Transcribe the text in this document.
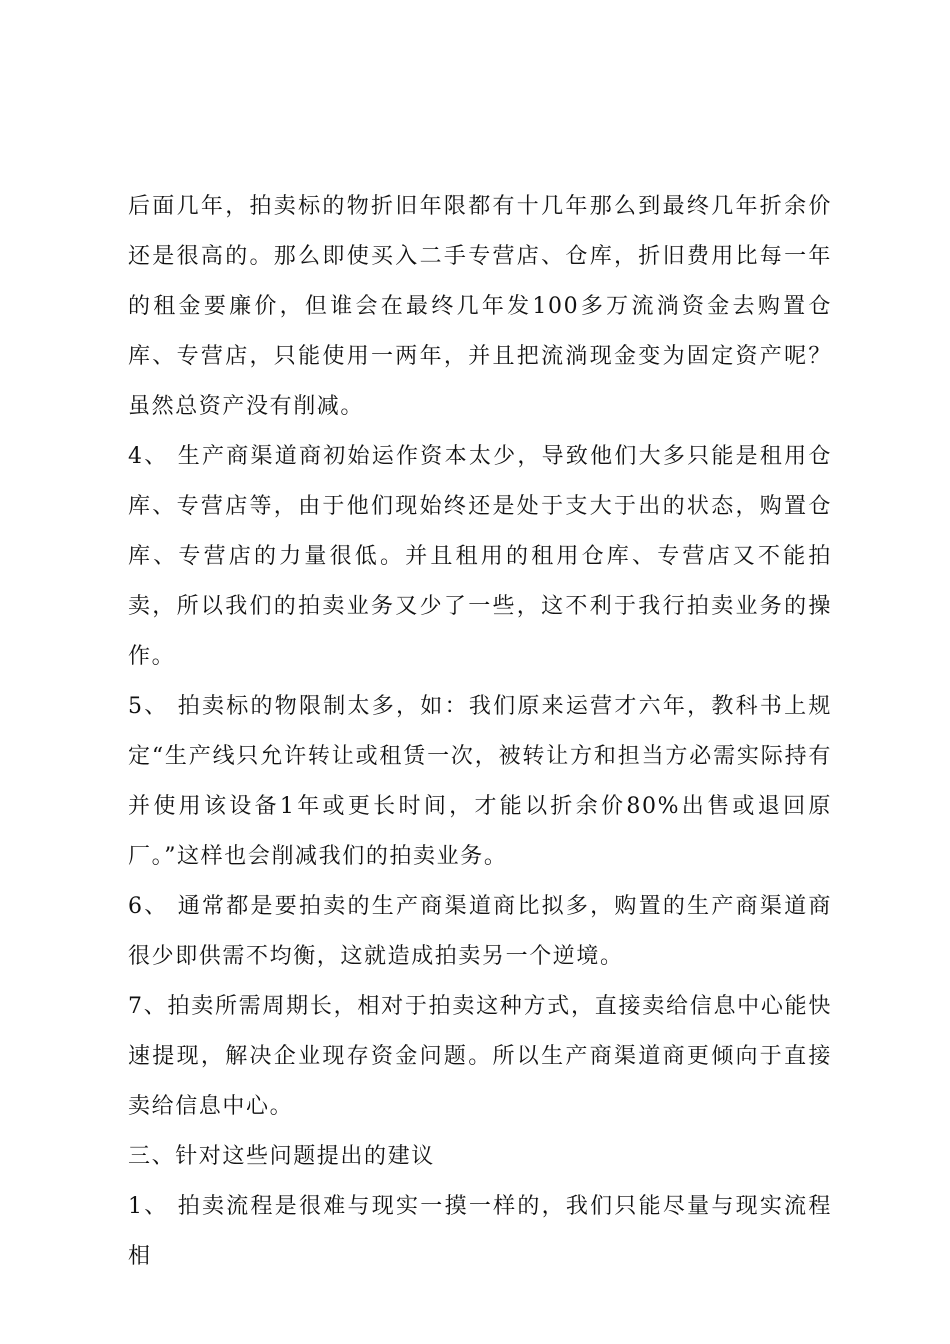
后面几年，拍卖标的物折旧年限都有十几年那么到最终几年折余价还是很高的。那么即使买入二手专营店、仓库，折旧费用比每一年的租金要廉价，但谁会在最终几年发100多万流淌资金去购置仓库、专营店，只能使用一两年，并且把流淌现金变为固定资产呢？虽然总资产没有削减。

4、 生产商渠道商初始运作资本太少，导致他们大多只能是租用仓库、专营店等，由于他们现始终还是处于支大于出的状态，购置仓库、专营店的力量很低。并且租用的租用仓库、专营店又不能拍卖，所以我们的拍卖业务又少了一些，这不利于我行拍卖业务的操作。

5、 拍卖标的物限制太多，如：我们原来运营才六年，教科书上规定“生产线只允许转让或租赁一次，被转让方和担当方必需实际持有并使用该设备1年或更长时间，才能以折余价80%出售或退回原厂。”这样也会削减我们的拍卖业务。

6、 通常都是要拍卖的生产商渠道商比拟多，购置的生产商渠道商很少即供需不均衡，这就造成拍卖另一个逆境。

7、拍卖所需周期长，相对于拍卖这种方式，直接卖给信息中心能快速提现，解决企业现存资金问题。所以生产商渠道商更倾向于直接卖给信息中心。

三、针对这些问题提出的建议

1、 拍卖流程是很难与现实一摸一样的，我们只能尽量与现实流程相
